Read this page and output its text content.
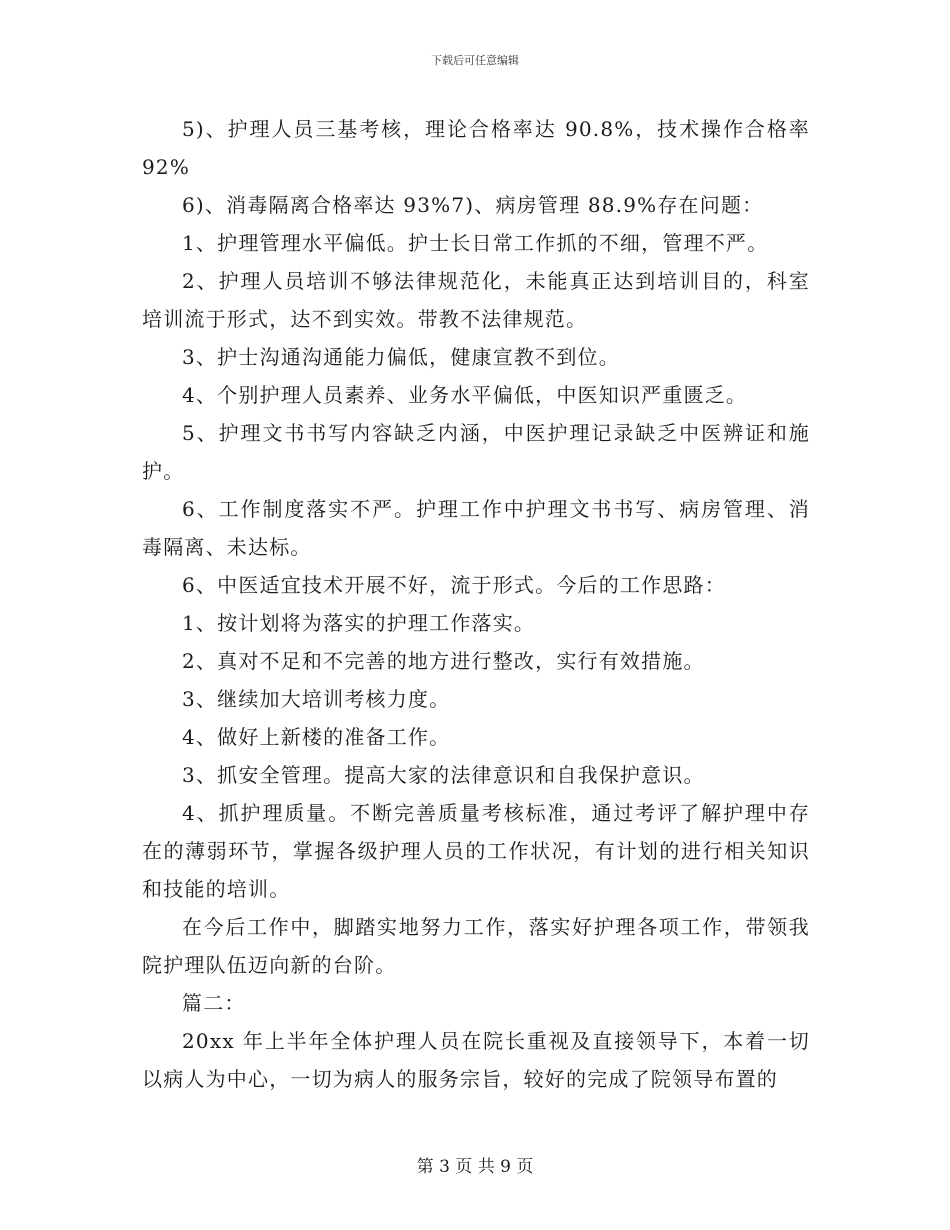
下载后可任意编辑

5)、护理人员三基考核，理论合格率达 90.8%，技术操作合格率 92%

6)、消毒隔离合格率达 93%7)、病房管理 88.9%存在问题：

1、护理管理水平偏低。护士长日常工作抓的不细，管理不严。

2、护理人员培训不够法律规范化，未能真正达到培训目的，科室培训流于形式，达不到实效。带教不法律规范。

3、护士沟通沟通能力偏低，健康宣教不到位。

4、个别护理人员素养、业务水平偏低，中医知识严重匮乏。

5、护理文书书写内容缺乏内涵，中医护理记录缺乏中医辨证和施护。

6、工作制度落实不严。护理工作中护理文书书写、病房管理、消毒隔离、未达标。

6、中医适宜技术开展不好，流于形式。今后的工作思路：

1、按计划将为落实的护理工作落实。

2、真对不足和不完善的地方进行整改，实行有效措施。

3、继续加大培训考核力度。

4、做好上新楼的准备工作。

3、抓安全管理。提高大家的法律意识和自我保护意识。

4、抓护理质量。不断完善质量考核标准，通过考评了解护理中存在的薄弱环节，掌握各级护理人员的工作状况，有计划的进行相关知识和技能的培训。

在今后工作中，脚踏实地努力工作，落实好护理各项工作，带领我院护理队伍迈向新的台阶。

篇二：

20xx 年上半年全体护理人员在院长重视及直接领导下，本着一切以病人为中心，一切为病人的服务宗旨，较好的完成了院领导布置的

第 3 页 共 9 页
